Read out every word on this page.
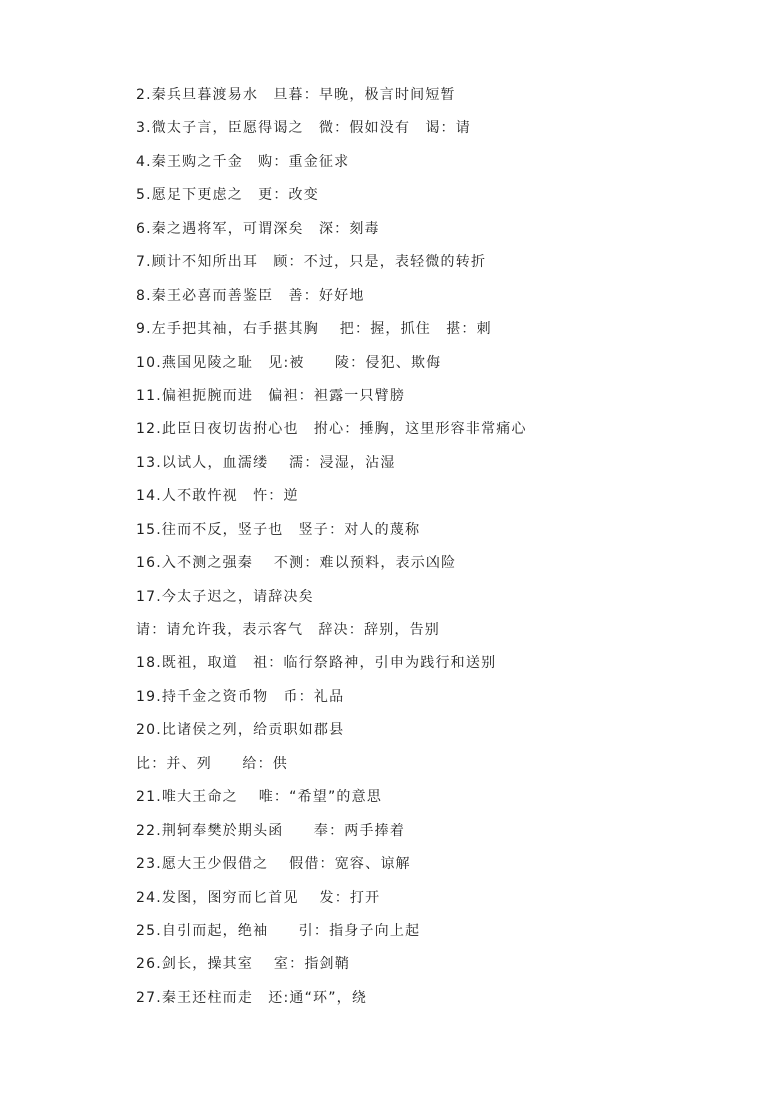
2.秦兵旦暮渡易水　旦暮：早晚，极言时间短暂

3.微太子言，臣愿得谒之　微：假如没有　谒：请

4.秦王购之千金　购：重金征求

5.愿足下更虑之　更：改变

6.秦之遇将军，可谓深矣　深：刻毒

7.顾计不知所出耳　顾：不过，只是，表轻微的转折

8.秦王必喜而善鉴臣　善：好好地

9.左手把其袖，右手揕其胸　 把：握，抓住　揕：刺

10.燕国见陵之耻　见:被　　陵：侵犯、欺侮

11.偏袒扼腕而进　偏袒：袒露一只臂膀

12.此臣日夜切齿拊心也　拊心：捶胸，这里形容非常痛心

13.以试人，血濡缕　 濡：浸湿，沾湿

14.人不敢忤视　忤：逆

15.往而不反，竖子也　竖子：对人的蔑称

16.入不测之强秦　 不测：难以预料，表示凶险

17.今太子迟之，请辞决矣

请：请允许我，表示客气　辞决：辞别，告别

18.既祖，取道　祖：临行祭路神，引申为践行和送别

19.持千金之资币物　币：礼品

20.比诸侯之列，给贡职如郡县

比：并、列　　给：供

21.唯大王命之　 唯：“希望”的意思

22.荆轲奉樊於期头函　　奉：两手捧着

23.愿大王少假借之　 假借：宽容、谅解

24.发图，图穷而匕首见　 发：打开

25.自引而起，绝袖　　引：指身子向上起

26.剑长，操其室　 室：指剑鞘

27.秦王还柱而走　还:通“环”，绕
